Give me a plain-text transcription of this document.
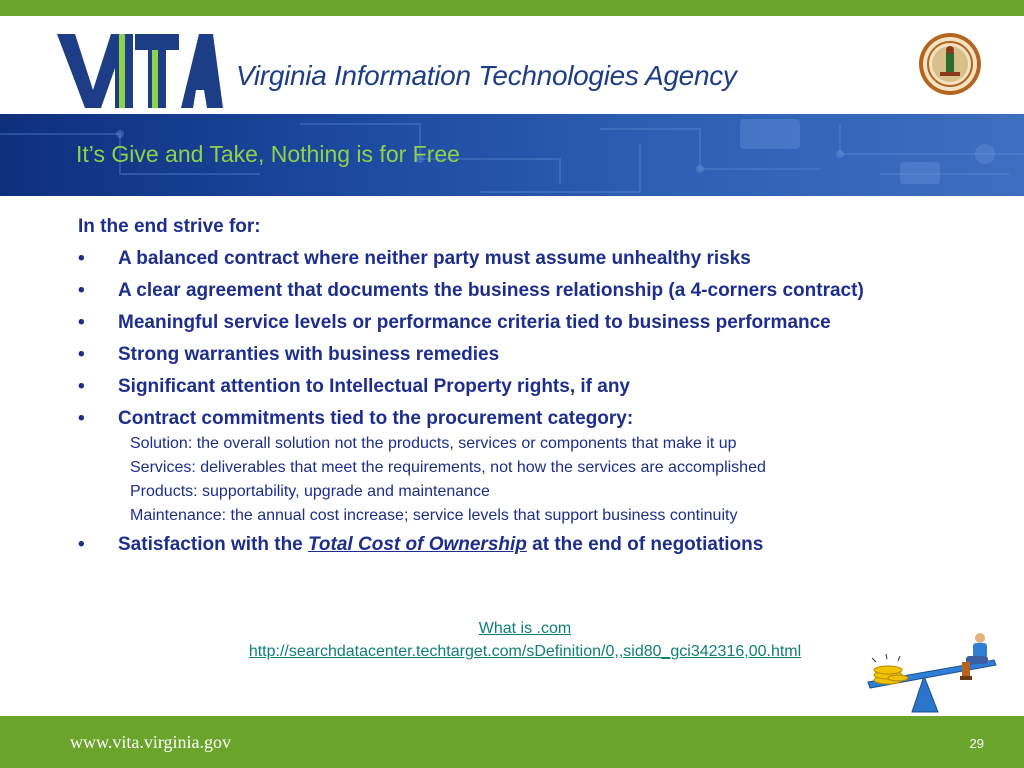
Virginia Information Technologies Agency
It’s Give and Take, Nothing is for Free
In the end strive for:
• A balanced contract where neither party must assume unhealthy risks
• A clear agreement that documents the business relationship (a 4-corners contract)
• Meaningful service levels or performance criteria tied to business performance
• Strong warranties with business remedies
• Significant attention to Intellectual Property rights, if any
• Contract commitments tied to the procurement category:
Solution: the overall solution not the products, services or components that make it up
Services: deliverables that meet the requirements, not how the services are accomplished
Products: supportability, upgrade and maintenance
Maintenance: the annual cost increase; service levels that support business continuity
• Satisfaction with the Total Cost of Ownership at the end of negotiations
What is .com
http://searchdatacenter.techtarget.com/sDefinition/0,,sid80_gci342316,00.html
www.vita.virginia.gov	29
